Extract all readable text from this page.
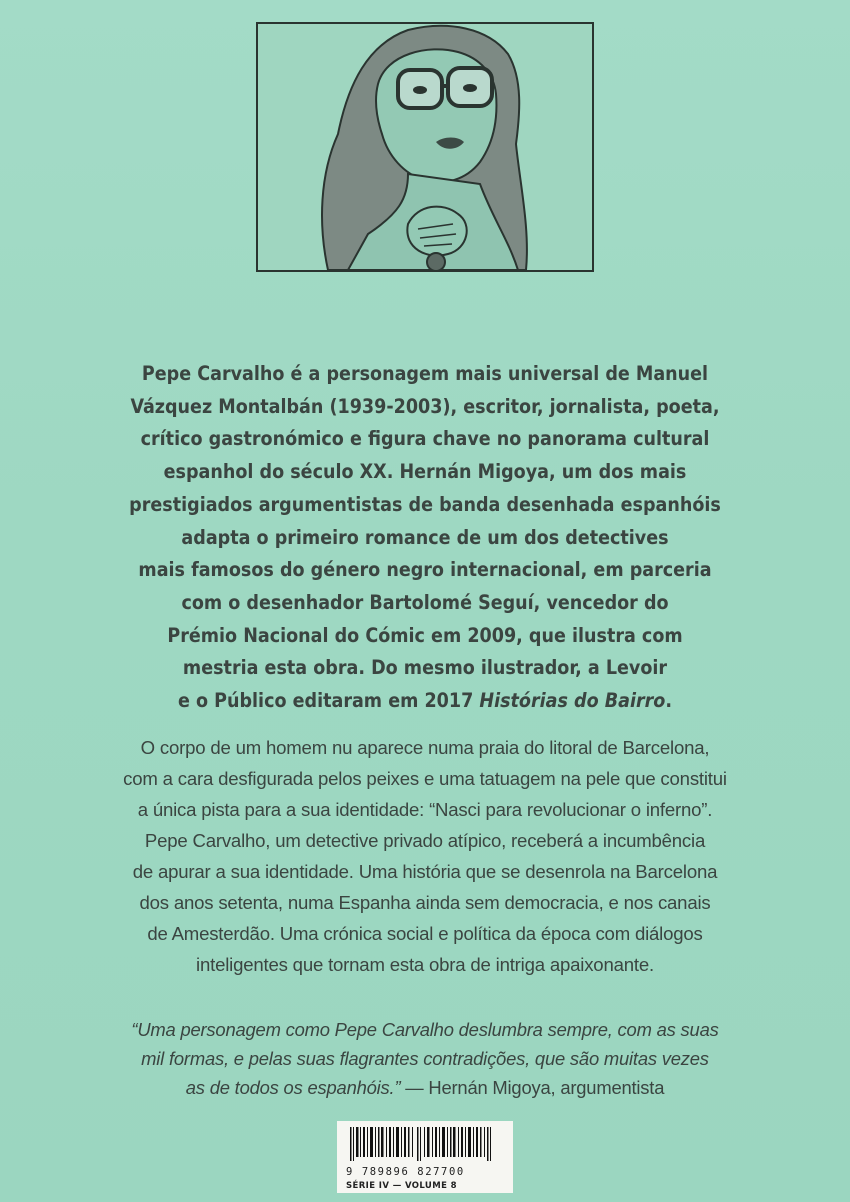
Pepe Carvalho é a personagem mais universal de Manuel
Vázquez Montalbán (1939-2003), escritor, jornalista, poeta,
crítico gastronómico e figura chave no panorama cultural
espanhol do século XX. Hernán Migoya, um dos mais
prestigiados argumentistas de banda desenhada espanhóis
adapta o primeiro romance de um dos detectives
mais famosos do género negro internacional, em parceria
com o desenhador Bartolomé Seguí, vencedor do
Prémio Nacional do Cómic em 2009, que ilustra com
mestria esta obra. Do mesmo ilustrador, a Levoir
e o Público editaram em 2017 Histórias do Bairro.
O corpo de um homem nu aparece numa praia do litoral de Barcelona,
com a cara desfigurada pelos peixes e uma tatuagem na pele que constitui
a única pista para a sua identidade: “Nasci para revolucionar o inferno”.
Pepe Carvalho, um detective privado atípico, receberá a incumbência
de apurar a sua identidade. Uma história que se desenrola na Barcelona
dos anos setenta, numa Espanha ainda sem democracia, e nos canais
de Amesterdão. Uma crónica social e política da época com diálogos
inteligentes que tornam esta obra de intriga apaixonante.
“Uma personagem como Pepe Carvalho deslumbra sempre, com as suas
mil formas, e pelas suas flagrantes contradições, que são muitas vezes
as de todos os espanhóis.” — Hernán Migoya, argumentista
9 789896 827700
SÉRIE IV — VOLUME 8
